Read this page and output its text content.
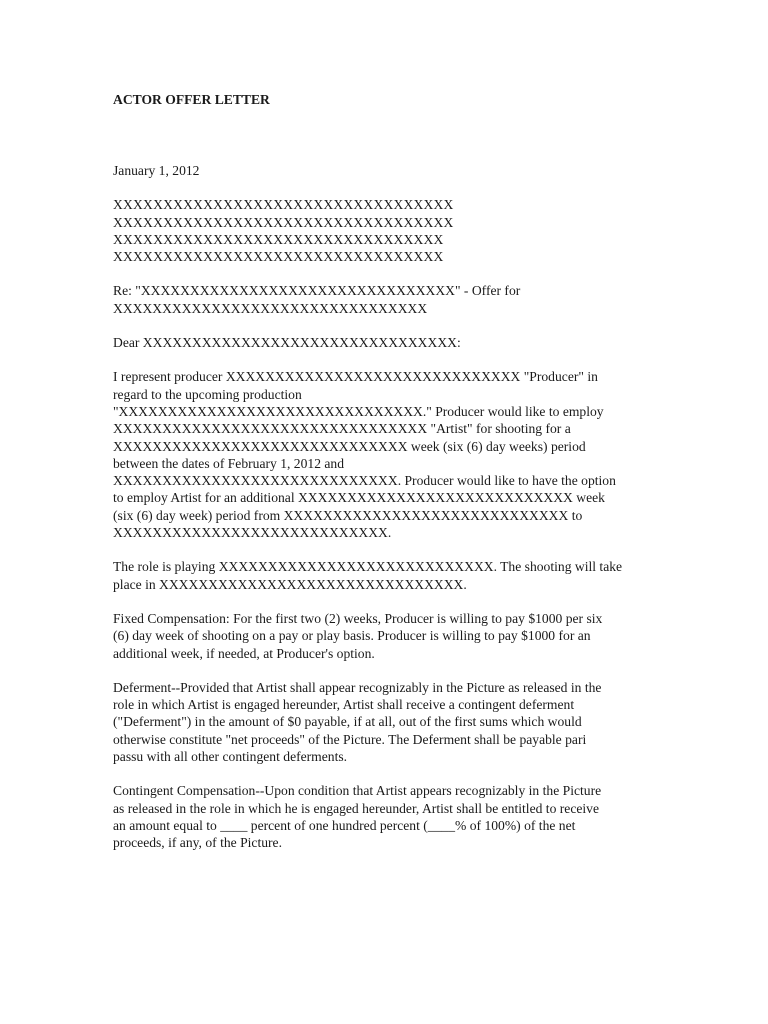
ACTOR OFFER LETTER
January 1, 2012
XXXXXXXXXXXXXXXXXXXXXXXXXXXXXXXXXX
XXXXXXXXXXXXXXXXXXXXXXXXXXXXXXXXXX
XXXXXXXXXXXXXXXXXXXXXXXXXXXXXXXXX
XXXXXXXXXXXXXXXXXXXXXXXXXXXXXXXXX
Re: "XXXXXXXXXXXXXXXXXXXXXXXXXXXXXXXX" - Offer for
XXXXXXXXXXXXXXXXXXXXXXXXXXXXXXXX
Dear XXXXXXXXXXXXXXXXXXXXXXXXXXXXXXXX:
I represent producer XXXXXXXXXXXXXXXXXXXXXXXXXXXXXX "Producer" in
regard to the upcoming production
"XXXXXXXXXXXXXXXXXXXXXXXXXXXXXXX." Producer would like to employ
XXXXXXXXXXXXXXXXXXXXXXXXXXXXXXXX "Artist" for shooting for a
XXXXXXXXXXXXXXXXXXXXXXXXXXXXXX week (six (6) day weeks) period
between the dates of February 1, 2012 and
XXXXXXXXXXXXXXXXXXXXXXXXXXXXX. Producer would like to have the option
to employ Artist for an additional XXXXXXXXXXXXXXXXXXXXXXXXXXXX week
(six (6) day week) period from XXXXXXXXXXXXXXXXXXXXXXXXXXXXX to
XXXXXXXXXXXXXXXXXXXXXXXXXXXX.
The role is playing XXXXXXXXXXXXXXXXXXXXXXXXXXXX. The shooting will take
place in XXXXXXXXXXXXXXXXXXXXXXXXXXXXXXX.
Fixed Compensation: For the first two (2) weeks, Producer is willing to pay $1000 per six
(6) day week of shooting on a pay or play basis. Producer is willing to pay $1000 for an
additional week, if needed, at Producer's option.
Deferment--Provided that Artist shall appear recognizably in the Picture as released in the
role in which Artist is engaged hereunder, Artist shall receive a contingent deferment
("Deferment") in the amount of $0 payable, if at all, out of the first sums which would
otherwise constitute "net proceeds" of the Picture. The Deferment shall be payable pari
passu with all other contingent deferments.
Contingent Compensation--Upon condition that Artist appears recognizably in the Picture
as released in the role in which he is engaged hereunder, Artist shall be entitled to receive
an amount equal to ____ percent of one hundred percent (____% of 100%) of the net
proceeds, if any, of the Picture.
